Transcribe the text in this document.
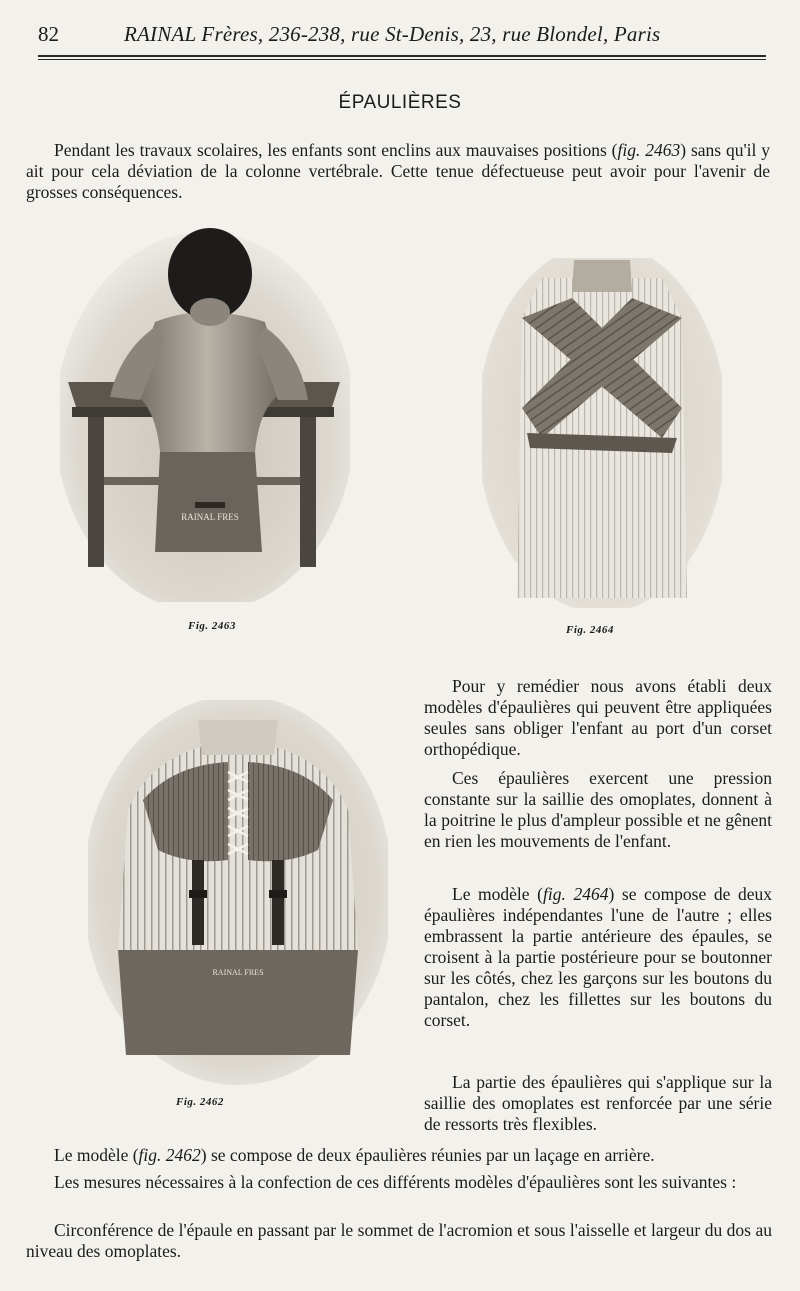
82	RAINAL Frères, 236-238, rue St-Denis, 23, rue Blondel, Paris
ÉPAULIÈRES
Pendant les travaux scolaires, les enfants sont enclins aux mauvaises positions (fig. 2463) sans qu'il y ait pour cela déviation de la colonne vertébrale. Cette tenue défectueuse peut avoir pour l'avenir de grosses conséquences.
RAINAL FRES
Fig. 2463	Fig. 2464
RAINAL FRES
Fig. 2462
Pour y remédier nous avons établi deux modèles d'épaulières qui peuvent être appliquées seules sans obliger l'enfant au port d'un corset orthopédique.
Ces épaulières exercent une pression constante sur la saillie des omoplates, donnent à la poitrine le plus d'ampleur possible et ne gênent en rien les mouvements de l'enfant.
Le modèle (fig. 2464) se compose de deux épaulières indépendantes l'une de l'autre ; elles embrassent la partie antérieure des épaules, se croisent à la partie postérieure pour se boutonner sur les côtés, chez les garçons sur les boutons du pantalon, chez les fillettes sur les boutons du corset.
La partie des épaulières qui s'applique sur la saillie des omoplates est renforcée par une série de ressorts très flexibles.
Le modèle (fig. 2462) se compose de deux épaulières réunies par un laçage en arrière.
Les mesures nécessaires à la confection de ces différents modèles d'épaulières sont les suivantes :
Circonférence de l'épaule en passant par le sommet de l'acromion et sous l'aisselle et largeur du dos au niveau des omoplates.
